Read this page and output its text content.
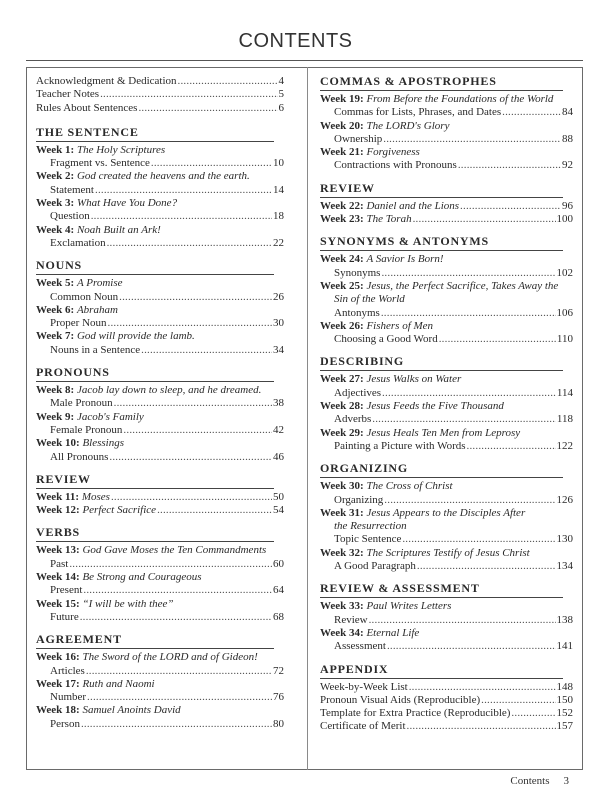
CONTENTS
Acknowledgment & Dedication .....	4
Teacher Notes .....	5
Rules About Sentences .....	6
THE SENTENCE
Week 1: The Holy Scriptures
Fragment vs. Sentence .....	10
Week 2: God created the heavens and the earth.
Statement .....	14
Week 3: What Have You Done?
Question .....	18
Week 4: Noah Built an Ark!
Exclamation .....	22
NOUNS
Week 5: A Promise
Common Noun .....	26
Week 6: Abraham
Proper Noun .....	30
Week 7: God will provide the lamb.
Nouns in a Sentence .....	34
PRONOUNS
Week 8: Jacob lay down to sleep, and he dreamed.
Male Pronoun .....	38
Week 9: Jacob's Family
Female Pronoun .....	42
Week 10: Blessings
All Pronouns .....	46
REVIEW
Week 11: Moses .....	50
Week 12: Perfect Sacrifice .....	54
VERBS
Week 13: God Gave Moses the Ten Commandments
Past .....	60
Week 14: Be Strong and Courageous
Present .....	64
Week 15: “I will be with thee”
Future .....	68
AGREEMENT
Week 16: The Sword of the LORD and of Gideon!
Articles .....	72
Week 17: Ruth and Naomi
Number .....	76
Week 18: Samuel Anoints David
Person .....	80
COMMAS & APOSTROPHES
Week 19: From Before the Foundations of the World
Commas for Lists, Phrases, and Dates .....	84
Week 20: The LORD's Glory
Ownership .....	88
Week 21: Forgiveness
Contractions with Pronouns .....	92
REVIEW
Week 22: Daniel and the Lions .....	96
Week 23: The Torah .....	100
SYNONYMS & ANTONYMS
Week 24: A Savior Is Born!
Synonyms .....	102
Week 25: Jesus, the Perfect Sacrifice, Takes Away the
Sin of the World
Antonyms .....	106
Week 26: Fishers of Men
Choosing a Good Word .....	110
DESCRIBING
Week 27: Jesus Walks on Water
Adjectives .....	114
Week 28: Jesus Feeds the Five Thousand
Adverbs .....	118
Week 29: Jesus Heals Ten Men from Leprosy
Painting a Picture with Words .....	122
ORGANIZING
Week 30: The Cross of Christ
Organizing .....	126
Week 31: Jesus Appears to the Disciples After
the Resurrection
Topic Sentence .....	130
Week 32: The Scriptures Testify of Jesus Christ
A Good Paragraph .....	134
REVIEW & ASSESSMENT
Week 33: Paul Writes Letters
Review .....	138
Week 34: Eternal Life
Assessment .....	141
APPENDIX
Week-by-Week List .....	148
Pronoun Visual Aids (Reproducible) .....	150
Template for Extra Practice (Reproducible) .....	152
Certificate of Merit .....	157
Contents 3
